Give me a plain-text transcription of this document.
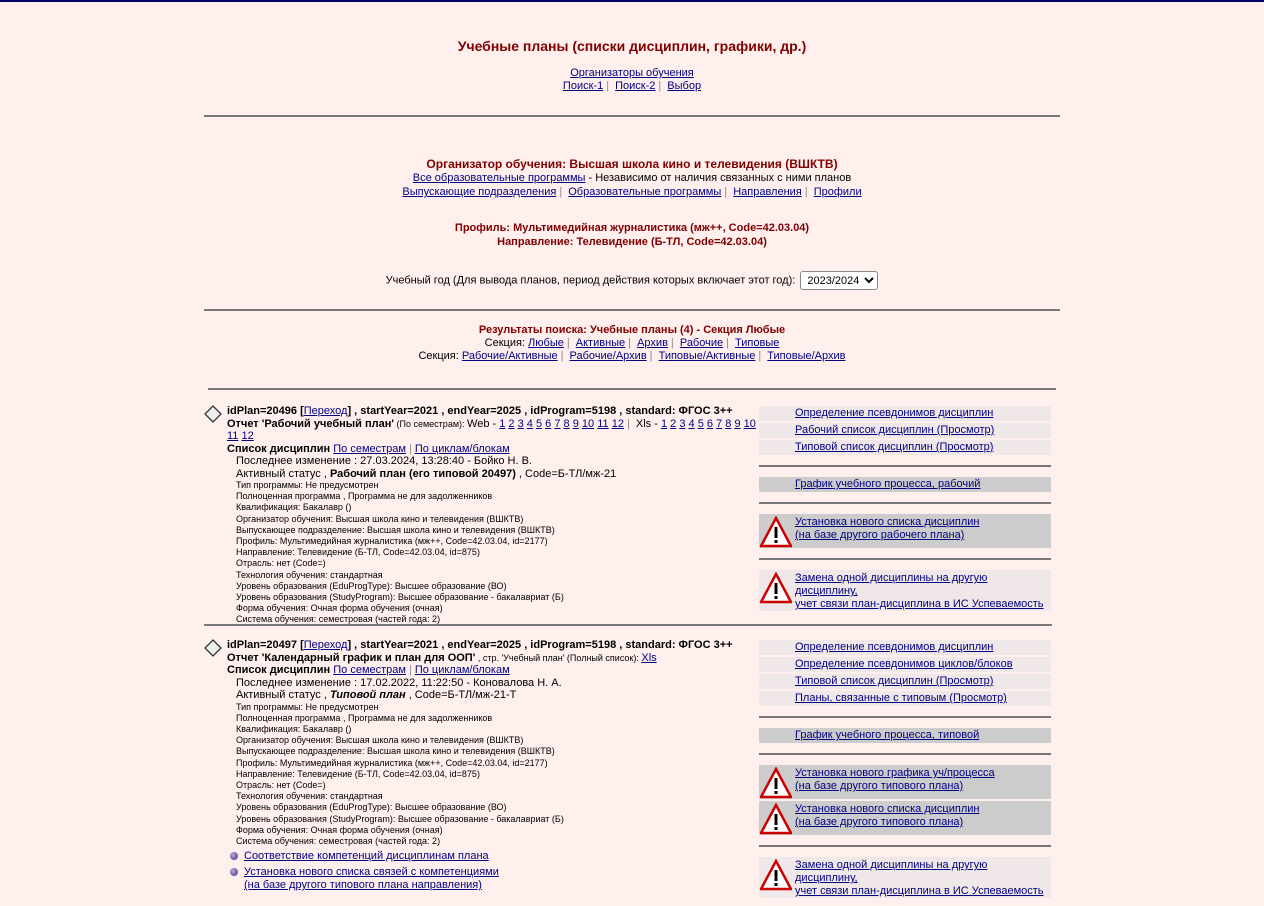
Учебные планы (списки дисциплин, графики, др.)
Организаторы обучения
Поиск-1 | Поиск-2 | Выбор
Организатор обучения: Высшая школа кино и телевидения (ВШКТВ)
Все образовательные программы - Независимо от наличия связанных с ними планов
Выпускающие подразделения | Образовательные программы | Направления | Профили
Профиль: Мультимедийная журналистика (мж++, Code=42.03.04)
Направление: Телевидение (Б-ТЛ, Code=42.03.04)
Учебный год (Для вывода планов, период действия которых включает этот год):
2023/2024
Результаты поиска: Учебные планы (4) - Секция Любые
Секция: Любые | Активные | Архив | Рабочие | Типовые
Секция: Рабочие/Активные | Рабочие/Архив | Типовые/Активные | Типовые/Архив
idPlan=20496 [Переход] , startYear=2021 , endYear=2025 , idProgram=5198 , standard: ФГОС 3++
Отчет 'Рабочий учебный план' (По семестрам): Web - 1 2 3 4 5 6 7 8 9 10 11 12 | Xls - 1 2 3 4 5 6 7 8 9 10 11 12
Список дисциплин По семестрам | По циклам/блокам
Последнее изменение : 27.03.2024, 13:28:40 - Бойко Н. В.
Активный статус , Рабочий план (его типовой 20497) , Code=Б-ТЛ/мж-21
Тип программы: Не предусмотрен
Полноценная программа , Программа не для задолженников
Квалификация: Бакалавр ()
Организатор обучения: Высшая школа кино и телевидения (ВШКТВ)
Выпускающее подразделение: Высшая школа кино и телевидения (ВШКТВ)
Профиль: Мультимедийная журналистика (мж++, Code=42.03.04, id=2177)
Направление: Телевидение (Б-ТЛ, Code=42.03.04, id=875)
Отрасль: нет (Code=)
Технология обучения: стандартная
Уровень образования (EduProgType): Высшее образование (ВО)
Уровень образования (StudyProgram): Высшее образование - бакалавриат (Б)
Форма обучения: Очная форма обучения (очная)
Система обучения: семестровая (частей года: 2)
Определение псевдонимов дисциплин
Рабочий список дисциплин (Просмотр)
Типовой список дисциплин (Просмотр)
График учебного процесса, рабочий
Установка нового списка дисциплин
(на базе другого рабочего плана)
Замена одной дисциплины на другую дисциплину,
учет связи план-дисциплина в ИС Успеваемость
idPlan=20497 [Переход] , startYear=2021 , endYear=2025 , idProgram=5198 , standard: ФГОС 3++
Отчет 'Календарный график и план для ООП' , стр. 'Учебный план' (Полный список): Xls
Список дисциплин По семестрам | По циклам/блокам
Последнее изменение : 17.02.2022, 11:22:50 - Коновалова Н. А.
Активный статус , Типовой план , Code=Б-ТЛ/мж-21-Т
Тип программы: Не предусмотрен
Полноценная программа , Программа не для задолженников
Квалификация: Бакалавр ()
Организатор обучения: Высшая школа кино и телевидения (ВШКТВ)
Выпускающее подразделение: Высшая школа кино и телевидения (ВШКТВ)
Профиль: Мультимедийная журналистика (мж++, Code=42.03.04, id=2177)
Направление: Телевидение (Б-ТЛ, Code=42.03.04, id=875)
Отрасль: нет (Code=)
Технология обучения: стандартная
Уровень образования (EduProgType): Высшее образование (ВО)
Уровень образования (StudyProgram): Высшее образование - бакалавриат (Б)
Форма обучения: Очная форма обучения (очная)
Система обучения: семестровая (частей года: 2)
Соответствие компетенций дисциплинам плана
Установка нового списка связей с компетенциями
(на базе другого типового плана направления)
Определение псевдонимов дисциплин
Определение псевдонимов циклов/блоков
Типовой список дисциплин (Просмотр)
Планы, связанные с типовым (Просмотр)
График учебного процесса, типовой
Установка нового графика уч/процесса
(на базе другого типового плана)
Установка нового списка дисциплин
(на базе другого типового плана)
Замена одной дисциплины на другую дисциплину,
учет связи план-дисциплина в ИС Успеваемость
